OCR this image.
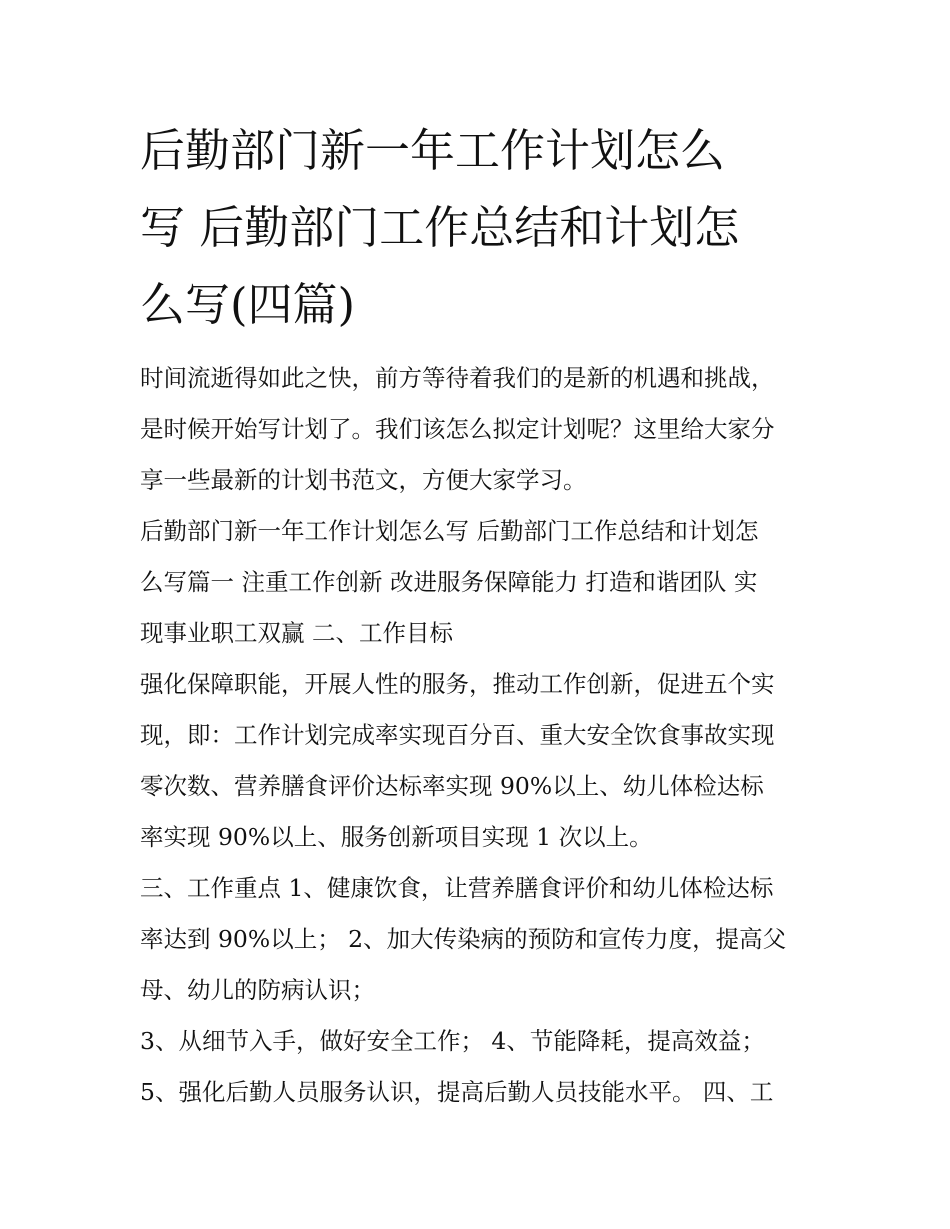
后勤部门新一年工作计划怎么
写 后勤部门工作总结和计划怎
么写(四篇)
时间流逝得如此之快，前方等待着我们的是新的机遇和挑战，
是时候开始写计划了。我们该怎么拟定计划呢？这里给大家分
享一些最新的计划书范文，方便大家学习。
后勤部门新一年工作计划怎么写 后勤部门工作总结和计划怎
么写篇一 注重工作创新 改进服务保障能力 打造和谐团队 实
现事业职工双赢 二、工作目标
强化保障职能，开展人性的服务，推动工作创新，促进五个实
现，即：工作计划完成率实现百分百、重大安全饮食事故实现
零次数、营养膳食评价达标率实现 90%以上、幼儿体检达标
率实现 90%以上、服务创新项目实现 1 次以上。
三、工作重点 1、健康饮食，让营养膳食评价和幼儿体检达标
率达到 90%以上； 2、加大传染病的预防和宣传力度，提高父
母、幼儿的防病认识；
3、从细节入手，做好安全工作； 4、节能降耗，提高效益；
5、强化后勤人员服务认识，提高后勤人员技能水平。 四、工
